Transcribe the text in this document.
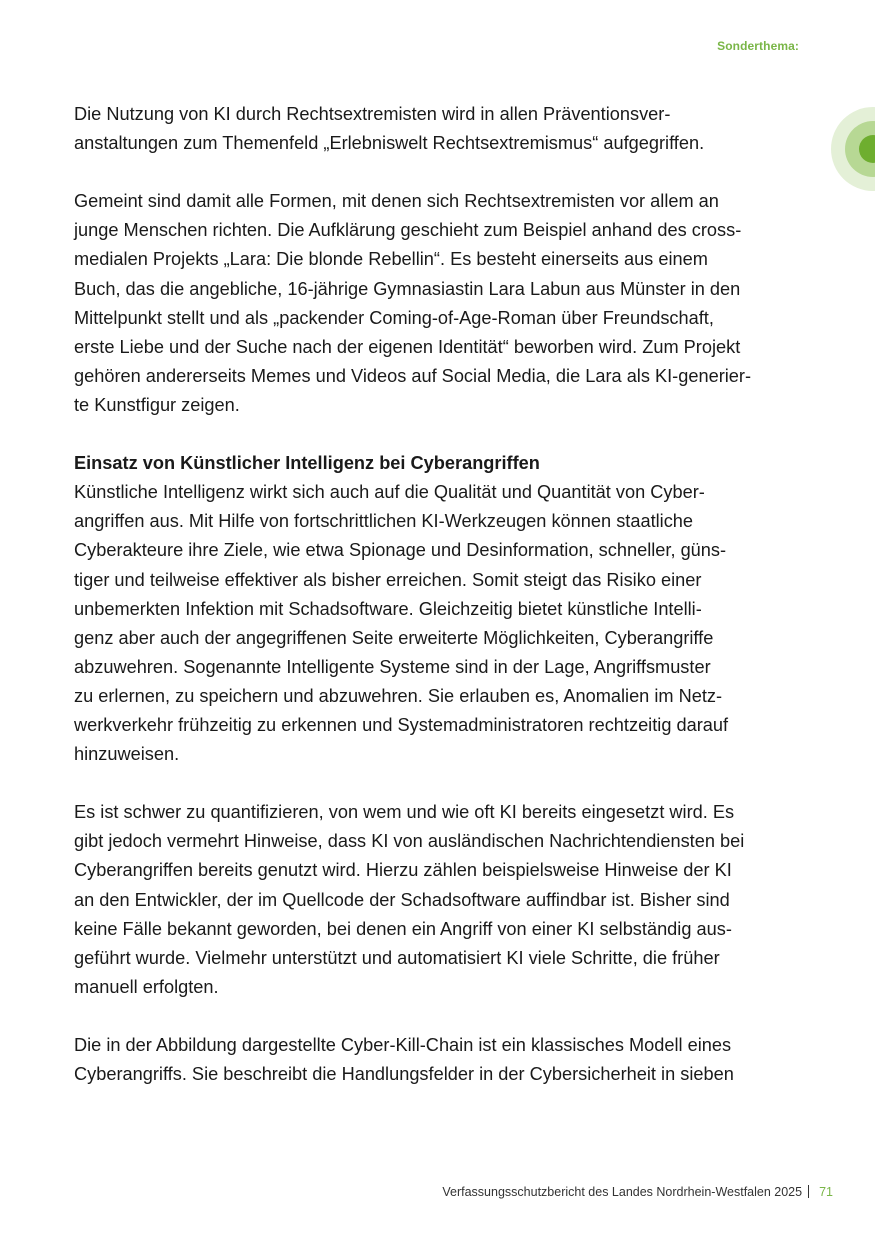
Sonderthema:

Die Nutzung von KI durch Rechtsextremisten wird in allen Präventionsver-
anstaltungen zum Themenfeld „Erlebniswelt Rechtsextremismus“ aufgegriffen.

Gemeint sind damit alle Formen, mit denen sich Rechtsextremisten vor allem an
junge Menschen richten. Die Aufklärung geschieht zum Beispiel anhand des cross-
medialen Projekts „Lara: Die blonde Rebellin“. Es besteht einerseits aus einem
Buch, das die angebliche, 16-jährige Gymnasiastin Lara Labun aus Münster in den
Mittelpunkt stellt und als „packender Coming-of-Age-Roman über Freundschaft,
erste Liebe und der Suche nach der eigenen Identität“ beworben wird. Zum Projekt
gehören andererseits Memes und Videos auf Social Media, die Lara als KI-generier-
te Kunstfigur zeigen.

Einsatz von Künstlicher Intelligenz bei Cyberangriffen

Künstliche Intelligenz wirkt sich auch auf die Qualität und Quantität von Cyber-
angriffen aus. Mit Hilfe von fortschrittlichen KI-Werkzeugen können staatliche
Cyberakteure ihre Ziele, wie etwa Spionage und Desinformation, schneller, güns-
tiger und teilweise effektiver als bisher erreichen. Somit steigt das Risiko einer
unbemerkten Infektion mit Schadsoftware. Gleichzeitig bietet künstliche Intelli-
genz aber auch der angegriffenen Seite erweiterte Möglichkeiten, Cyberangriffe
abzuwehren. Sogenannte Intelligente Systeme sind in der Lage, Angriffsmuster
zu erlernen, zu speichern und abzuwehren. Sie erlauben es, Anomalien im Netz-
werkverkehr frühzeitig zu erkennen und Systemadministratoren rechtzeitig darauf
hinzuweisen.

Es ist schwer zu quantifizieren, von wem und wie oft KI bereits eingesetzt wird. Es
gibt jedoch vermehrt Hinweise, dass KI von ausländischen Nachrichtendiensten bei
Cyberangriffen bereits genutzt wird. Hierzu zählen beispielsweise Hinweise der KI
an den Entwickler, der im Quellcode der Schadsoftware auffindbar ist. Bisher sind
keine Fälle bekannt geworden, bei denen ein Angriff von einer KI selbständig aus-
geführt wurde. Vielmehr unterstützt und automatisiert KI viele Schritte, die früher
manuell erfolgten.

Die in der Abbildung dargestellte Cyber-Kill-Chain ist ein klassisches Modell eines
Cyberangriffs. Sie beschreibt die Handlungsfelder in der Cybersicherheit in sieben

Verfassungsschutzbericht des Landes Nordrhein-Westfalen 2025 71
